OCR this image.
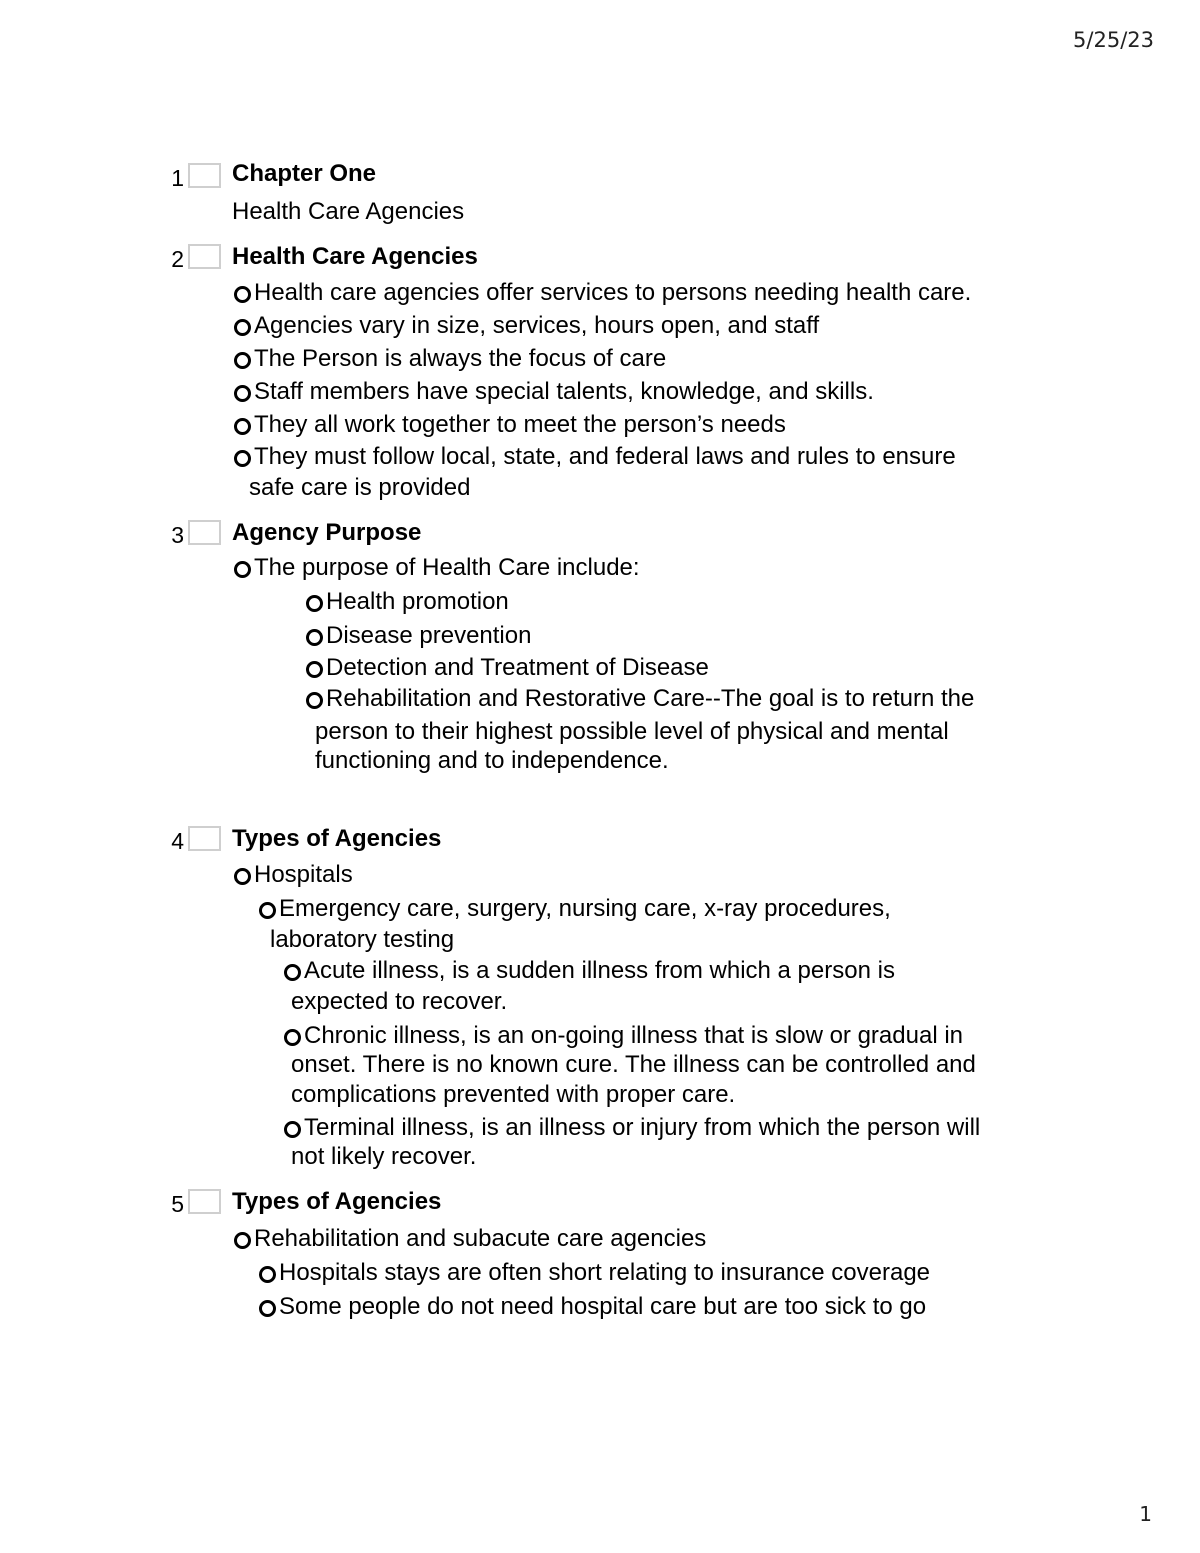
5/25/23
1 Chapter One
Health Care Agencies
2 Health Care Agencies
Health care agencies offer services to persons needing health care.
Agencies vary in size, services, hours open, and staff
The Person is always the focus of care
Staff members have special talents, knowledge, and skills.
They all work together to meet the person’s needs
They must follow local, state, and federal laws and rules to ensure
safe care is provided
3 Agency Purpose
The purpose of Health Care include:
Health promotion
Disease prevention
Detection and Treatment of Disease
Rehabilitation and Restorative Care--The goal is to return the
person to their highest possible level of physical and mental
functioning and to independence.
4 Types of Agencies
Hospitals
Emergency care, surgery, nursing care, x-ray procedures,
laboratory testing
Acute illness, is a sudden illness from which a person is
expected to recover.
Chronic illness, is an on-going illness that is slow or gradual in
onset. There is no known cure. The illness can be controlled and
complications prevented with proper care.
Terminal illness, is an illness or injury from which the person will
not likely recover.
5 Types of Agencies
Rehabilitation and subacute care agencies
Hospitals stays are often short relating to insurance coverage
Some people do not need hospital care but are too sick to go
1
